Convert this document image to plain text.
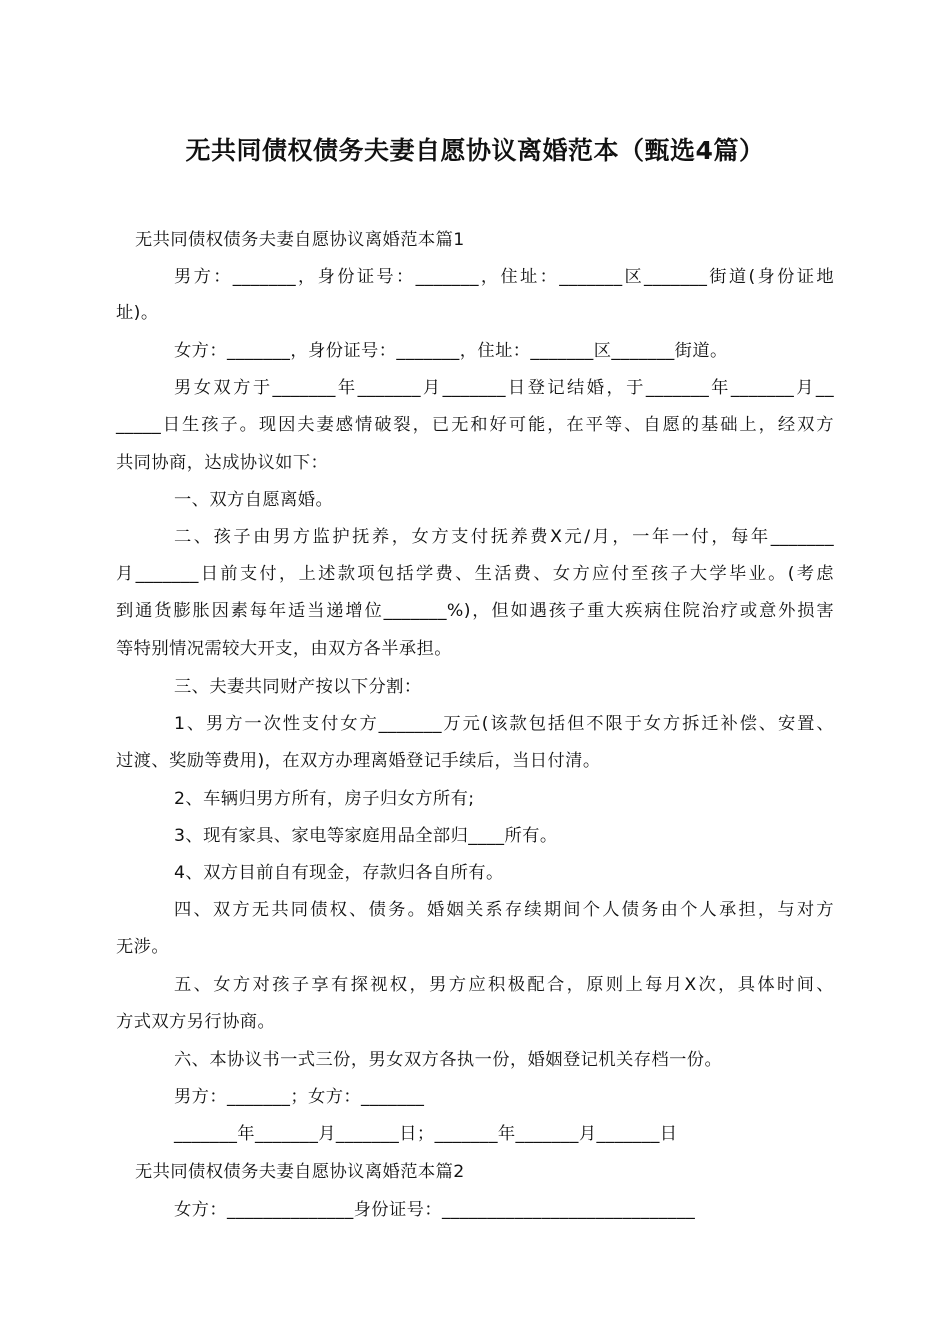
无共同债权债务夫妻自愿协议离婚范本（甄选4篇）
无共同债权债务夫妻自愿协议离婚范本篇1
男方：_______，身份证号：_______，住址：_______区_______街道(身份证地
址)。
女方：_______，身份证号：_______，住址：_______区_______街道。
男女双方于_______年_______月_______日登记结婚，于_______年_______月__
_____日生孩子。现因夫妻感情破裂，已无和好可能，在平等、自愿的基础上，经双方
共同协商，达成协议如下：
一、双方自愿离婚。
二、孩子由男方监护抚养，女方支付抚养费X元/月，一年一付，每年_______
月_______日前支付，上述款项包括学费、生活费、女方应付至孩子大学毕业。(考虑
到通货膨胀因素每年适当递增位_______%)，但如遇孩子重大疾病住院治疗或意外损害
等特别情况需较大开支，由双方各半承担。
三、夫妻共同财产按以下分割：
1、男方一次性支付女方_______万元(该款包括但不限于女方拆迁补偿、安置、
过渡、奖励等费用)，在双方办理离婚登记手续后，当日付清。
2、车辆归男方所有，房子归女方所有;
3、现有家具、家电等家庭用品全部归____所有。
4、双方目前自有现金，存款归各自所有。
四、双方无共同债权、债务。婚姻关系存续期间个人债务由个人承担，与对方
无涉。
五、女方对孩子享有探视权，男方应积极配合，原则上每月X次，具体时间、
方式双方另行协商。
六、本协议书一式三份，男女双方各执一份，婚姻登记机关存档一份。
男方：_______；女方：_______
_______年_______月_______日；_______年_______月_______日
无共同债权债务夫妻自愿协议离婚范本篇2
女方：______________身份证号：____________________________
